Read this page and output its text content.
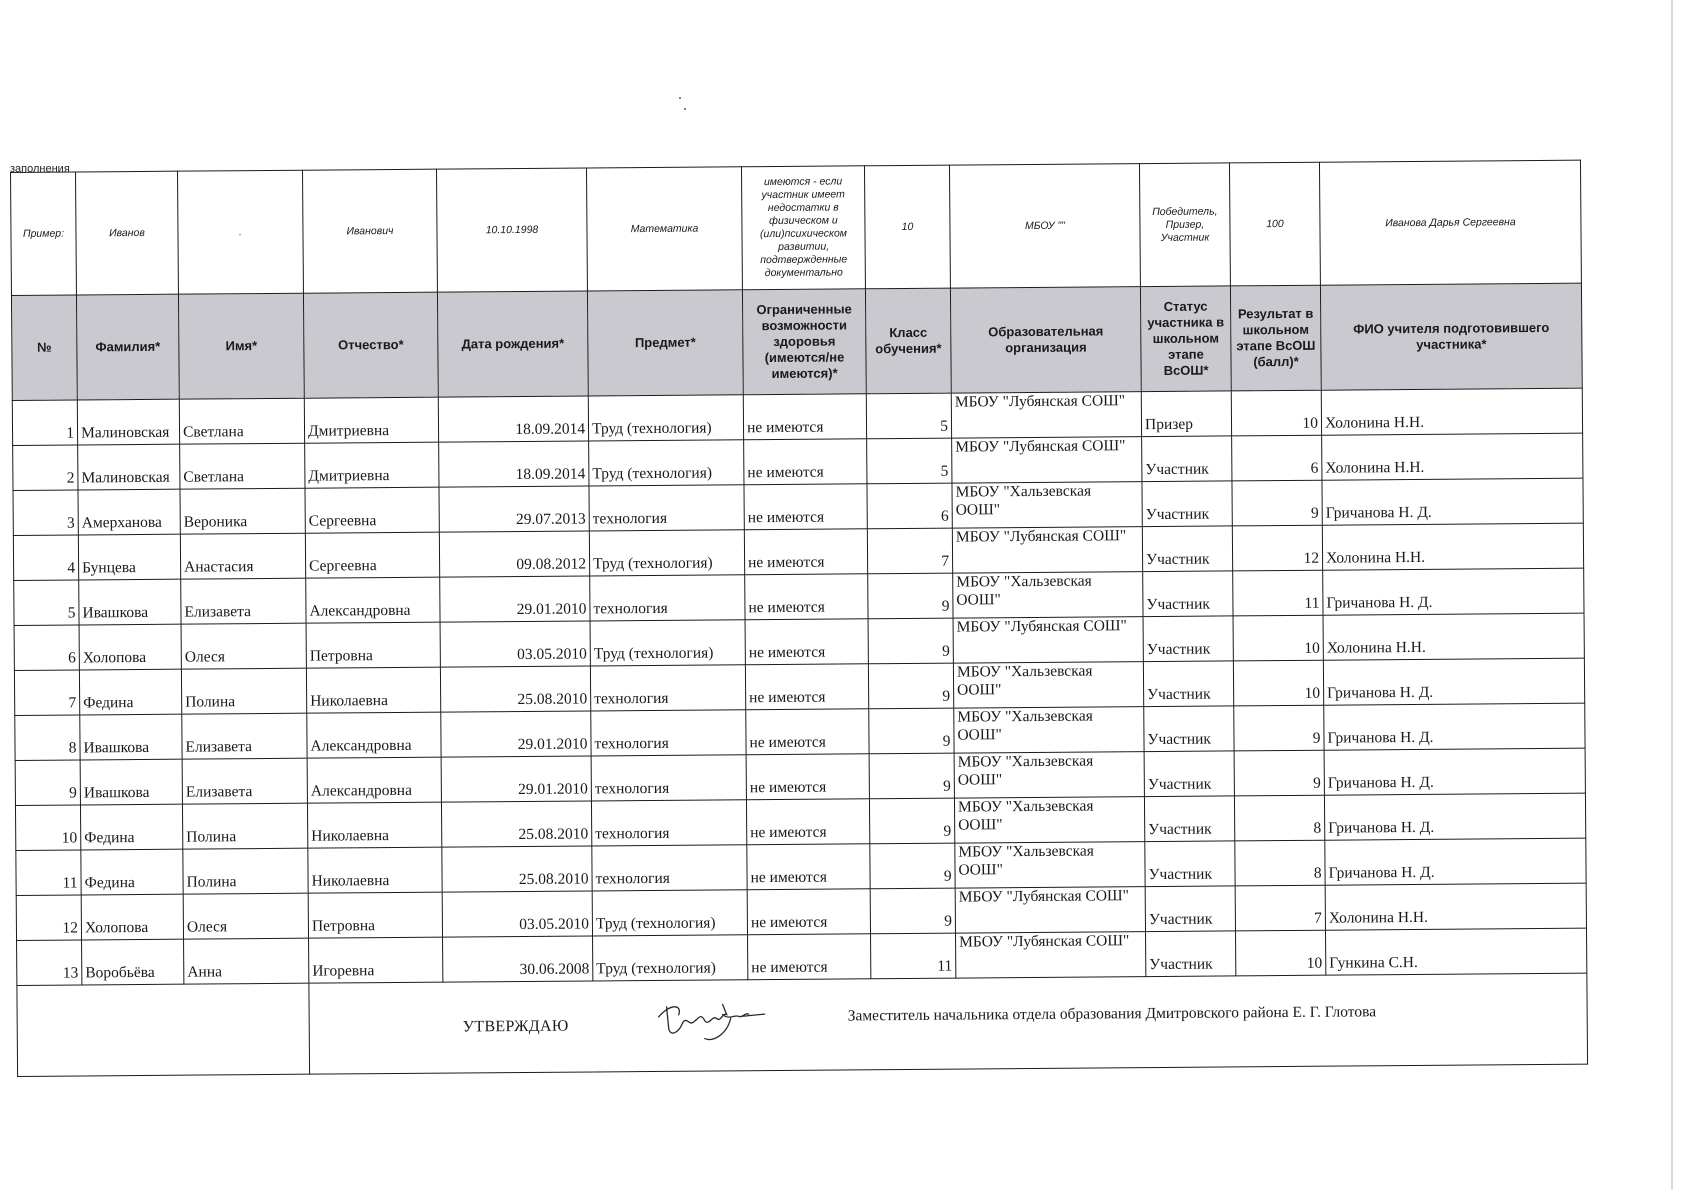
заполнения
Пример:	Иванов	.	Иванович	10.10.1998	Математика	имеются - если участник имеет недостатки в физическом и (или)психическом развитии, подтвержденные документально	10	МБОУ ""	Победитель, Призер, Участник	100	Иванова Дарья Сергеевна
№	Фамилия*	Имя*	Отчество*	Дата рождения*	Предмет*	Ограниченные возможности здоровья (имеются/не имеются)*	Класс обучения*	Образовательная организация	Статус участника в школьном этапе ВсОШ*	Результат в школьном этапе ВсОШ (балл)*	ФИО учителя подготовившего участника*
1	Малиновская	Светлана	Дмитриевна	18.09.2014	Труд (технология)	не имеются	5	МБОУ "Лубянская СОШ"	Призер	10	Холонина Н.Н.
2	Малиновская	Светлана	Дмитриевна	18.09.2014	Труд (технология)	не имеются	5	МБОУ "Лубянская СОШ"	Участник	6	Холонина Н.Н.
3	Амерханова	Вероника	Сергеевна	29.07.2013	технология	не имеются	6	МБОУ "Хальзевская ООШ"	Участник	9	Гричанова Н. Д.
4	Бунцева	Анастасия	Сергеевна	09.08.2012	Труд (технология)	не имеются	7	МБОУ "Лубянская СОШ"	Участник	12	Холонина Н.Н.
5	Ивашкова	Елизавета	Александровна	29.01.2010	технология	не имеются	9	МБОУ "Хальзевская ООШ"	Участник	11	Гричанова Н. Д.
6	Холопова	Олеся	Петровна	03.05.2010	Труд (технология)	не имеются	9	МБОУ "Лубянская СОШ"	Участник	10	Холонина Н.Н.
7	Федина	Полина	Николаевна	25.08.2010	технология	не имеются	9	МБОУ "Хальзевская ООШ"	Участник	10	Гричанова Н. Д.
8	Ивашкова	Елизавета	Александровна	29.01.2010	технология	не имеются	9	МБОУ "Хальзевская ООШ"	Участник	9	Гричанова Н. Д.
9	Ивашкова	Елизавета	Александровна	29.01.2010	технология	не имеются	9	МБОУ "Хальзевская ООШ"	Участник	9	Гричанова Н. Д.
10	Федина	Полина	Николаевна	25.08.2010	технология	не имеются	9	МБОУ "Хальзевская ООШ"	Участник	8	Гричанова Н. Д.
11	Федина	Полина	Николаевна	25.08.2010	технология	не имеются	9	МБОУ "Хальзевская ООШ"	Участник	8	Гричанова Н. Д.
12	Холопова	Олеся	Петровна	03.05.2010	Труд (технология)	не имеются	9	МБОУ "Лубянская СОШ"	Участник	7	Холонина Н.Н.
13	Воробьёва	Анна	Игоревна	30.06.2008	Труд (технология)	не имеются	11	МБОУ "Лубянская СОШ"	Участник	10	Гункина С.Н.

			УТВЕРЖДАЮ
Заместитель начальника отдела образования Дмитровского района Е. Г. Глотова								
